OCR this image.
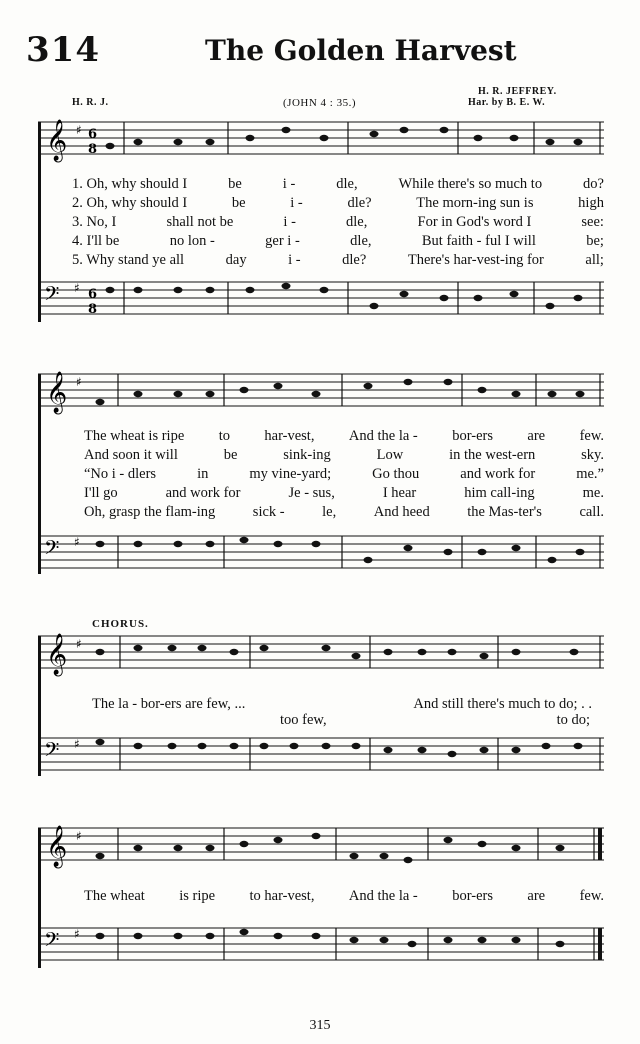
314	The Golden Harvest
H. R. J.	(JOHN 4 : 35.)
H. R. JEFFREY.
Har. by B. E. W.
𝄞 ♯ 6
8
1. Oh, why should I	be	i -	dle,	While there's so much to	do?
2. Oh, why should I	be	i -	dle?	The morn-ing sun is	high
3. No, I	shall not be	i -	dle,	For in God's word I	see:
4. I'll be	no lon -	ger i -	dle,	But faith - ful I will	be;
5. Why stand ye all	day	i -	dle?	There's har-vest-ing for	all;
𝄢 ♯ 6
8
𝄞 ♯
The wheat is ripe to har-vest, And the la - bor-ers are few.
And soon it will	be	sink-ing	Low	in the west-ern	sky.
“No i - dlers	in	my vine-yard;	Go thou	and work for	me.”
I'll go	and work for	Je - sus,	I hear	him call-ing	me.
Oh, grasp the flam-ing	sick -	le,	And heed	the Mas-ter's	call.
𝄢 ♯
CHORUS.
𝄞 ♯
The la - bor-ers are few, ...	And still there's much to do; . .
too few,	to do;
𝄢 ♯
𝄞 ♯
The wheat is ripe to har-vest, And the la - bor-ers are few.
𝄢 ♯
315
